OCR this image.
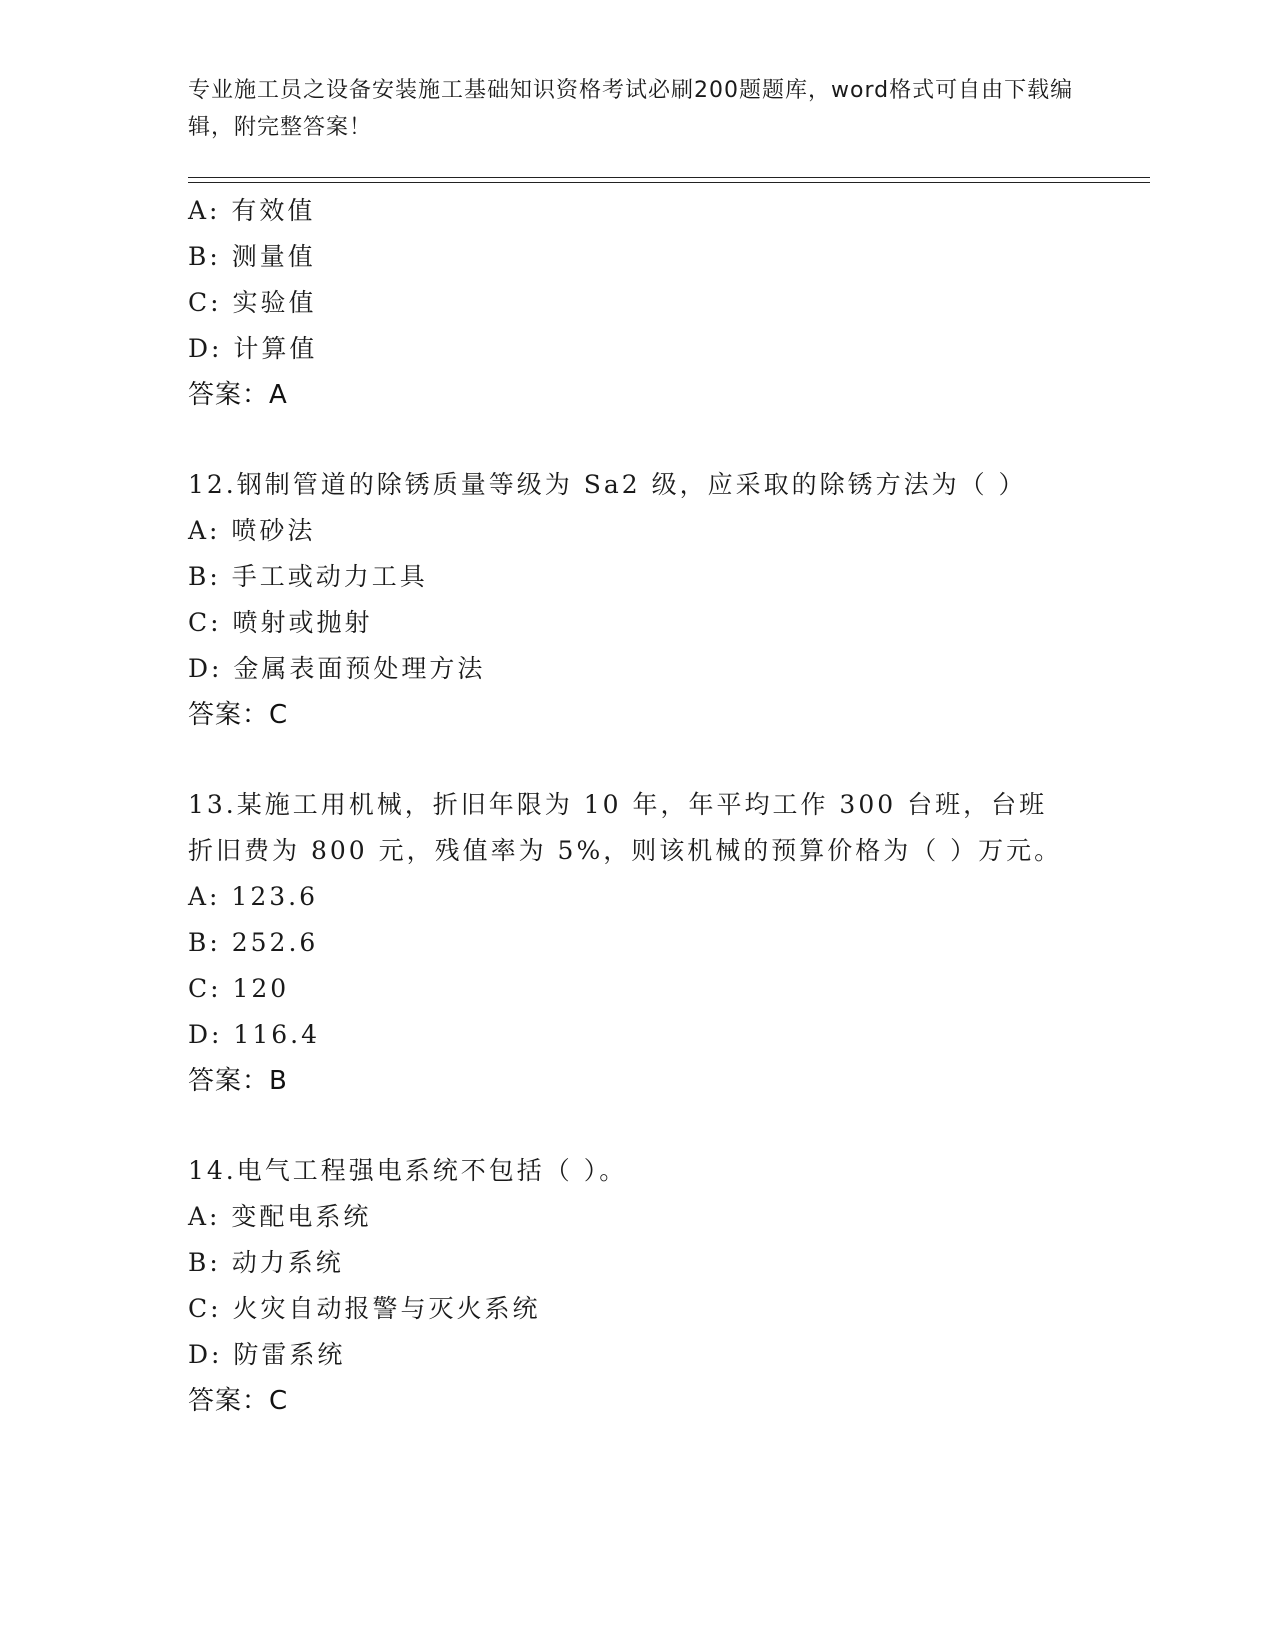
专业施工员之设备安装施工基础知识资格考试必刷200题题库，word格式可自由下载编辑，附完整答案！
A: 有效值
B: 测量值
C: 实验值
D: 计算值
答案：A
12.钢制管道的除锈质量等级为 Sa2 级，应采取的除锈方法为（ ）
A: 喷砂法
B: 手工或动力工具
C: 喷射或抛射
D: 金属表面预处理方法
答案：C
13.某施工用机械，折旧年限为 10 年，年平均工作 300 台班，台班折旧费为 800 元，残值率为 5%，则该机械的预算价格为（ ）万元。
A: 123.6
B: 252.6
C: 120
D: 116.4
答案：B
14.电气工程强电系统不包括（ ）。
A: 变配电系统
B: 动力系统
C: 火灾自动报警与灭火系统
D: 防雷系统
答案：C
